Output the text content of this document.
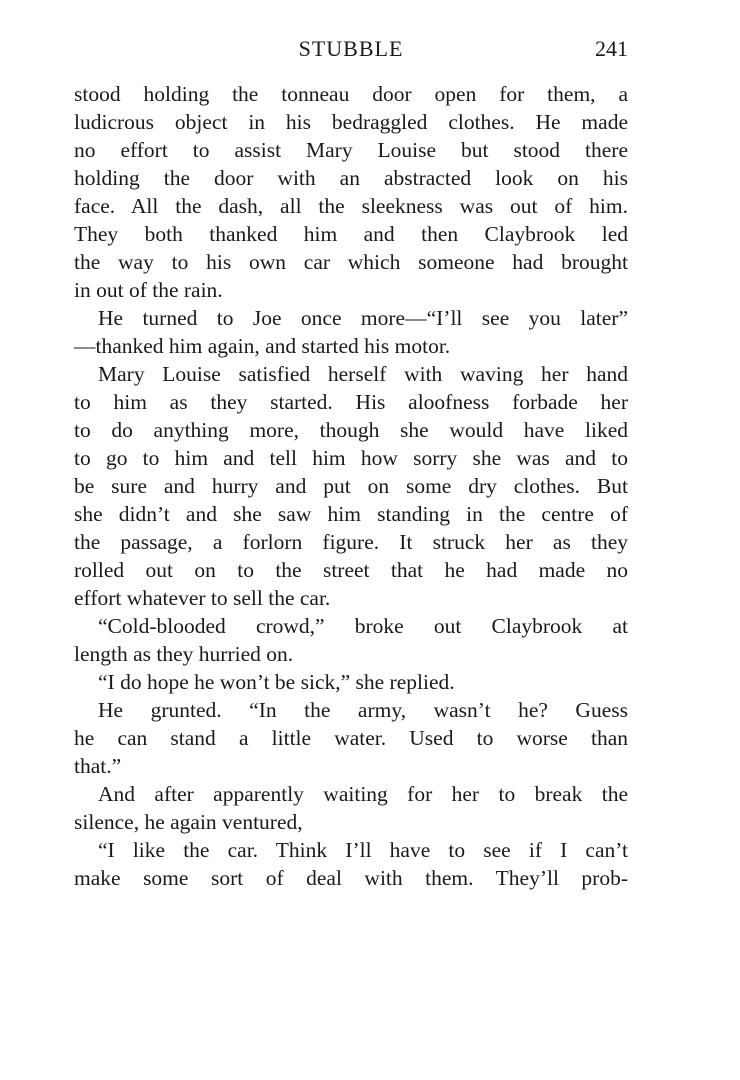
STUBBLE	241
stood holding the tonneau door open for them, a
ludicrous object in his bedraggled clothes. He made
no effort to assist Mary Louise but stood there
holding the door with an abstracted look on his
face. All the dash, all the sleekness was out of him.
They both thanked him and then Claybrook led
the way to his own car which someone had brought
in out of the rain.
He turned to Joe once more—“I’ll see you later”
—thanked him again, and started his motor.
Mary Louise satisfied herself with waving her hand
to him as they started. His aloofness forbade her
to do anything more, though she would have liked
to go to him and tell him how sorry she was and to
be sure and hurry and put on some dry clothes. But
she didn’t and she saw him standing in the centre of
the passage, a forlorn figure. It struck her as they
rolled out on to the street that he had made no
effort whatever to sell the car.
“Cold-blooded crowd,” broke out Claybrook at
length as they hurried on.
“I do hope he won’t be sick,” she replied.
He grunted. “In the army, wasn’t he? Guess
he can stand a little water. Used to worse than
that.”
And after apparently waiting for her to break the
silence, he again ventured,
“I like the car. Think I’ll have to see if I can’t
make some sort of deal with them. They’ll prob-
